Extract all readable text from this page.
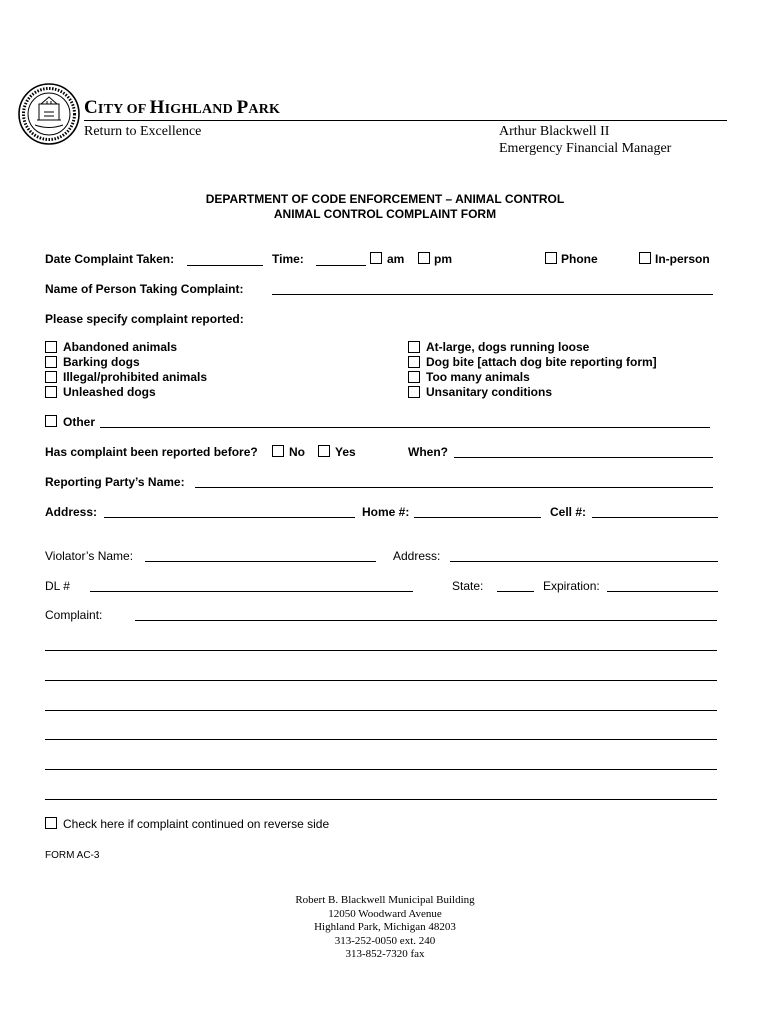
CITY OF HIGHLAND PARK
Return to Excellence	Arthur Blackwell II
Emergency Financial Manager
DEPARTMENT OF CODE ENFORCEMENT – ANIMAL CONTROL
ANIMAL CONTROL COMPLAINT FORM
Date Complaint Taken:	Time:	am pm	Phone	In-person
Name of Person Taking Complaint:
Please specify complaint reported:
Abandoned animals
Barking dogs
Illegal/prohibited animals
Unleashed dogs
At-large, dogs running loose
Dog bite [attach dog bite reporting form]
Too many animals
Unsanitary conditions
Other
Has complaint been reported before?	No	Yes	When?
Reporting Party’s Name:
Address:	Home #:	Cell #:
Violator’s Name:	Address:
DL #	State:	Expiration:
Complaint:
Check here if complaint continued on reverse side
FORM AC-3
Robert B. Blackwell Municipal Building
12050 Woodward Avenue
Highland Park, Michigan 48203
313-252-0050 ext. 240
313-852-7320 fax
